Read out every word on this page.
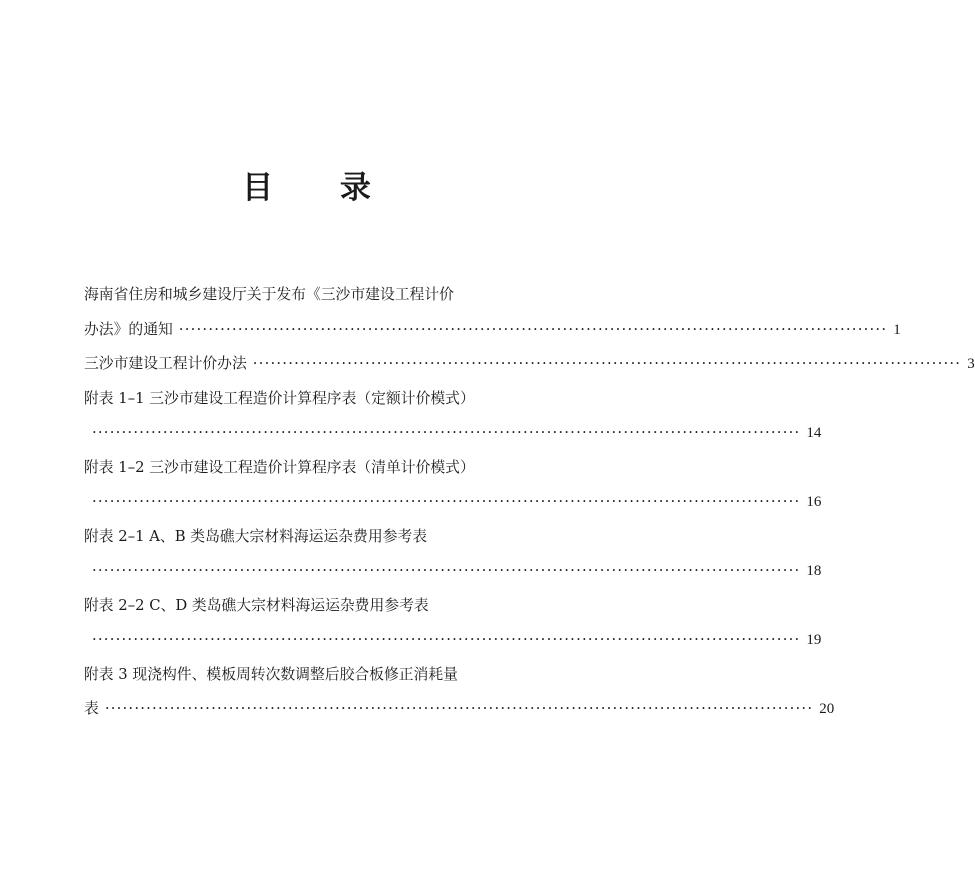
目 录
海南省住房和城乡建设厅关于发布《三沙市建设工程计价
办法》的通知 ························································································································ 1
三沙市建设工程计价办法 ························································································································ 3
附表 1–1 三沙市建设工程造价计算程序表（定额计价模式）
························································································································ 14
附表 1–2 三沙市建设工程造价计算程序表（清单计价模式）
························································································································ 16
附表 2–1 A、B 类岛礁大宗材料海运运杂费用参考表
························································································································ 18
附表 2–2 C、D 类岛礁大宗材料海运运杂费用参考表
························································································································ 19
附表 3 现浇构件、模板周转次数调整后胶合板修正消耗量
表 ························································································································ 20
